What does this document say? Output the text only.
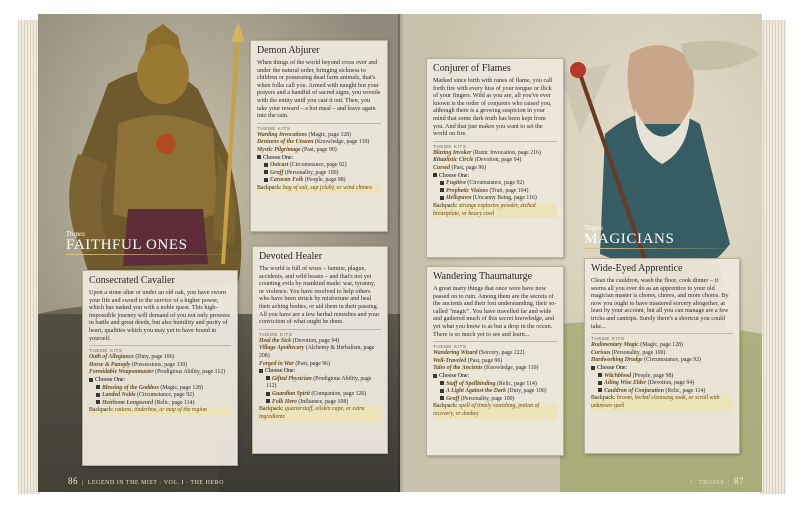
Demon Abjurer
When things of the world beyond cross over and under the natural order, bringing sickness to children or possessing dead farm animals, that's when folks call you. Armed with naught but your prayers and a handful of sacred signs, you wrestle with the entity until you cast it out. Then, you take your reward – a hot meal – and leave again into the rain.
THEME KITS
Warding Invocations (Magic, page 128)
Denizens of the Unseen (Knowledge, page 110)
Mystic Pilgrimage (Past, page 96)
Choose One:
Outcast (Circumstance, page 92)
Gruff (Personality, page 100)
Caravan Folk (People, page 98)
Backpack: bag of salt, sap (club), or wind chimes
Tropes
FAITHFUL ONES
Devoted Healer
The world is full of woes – famine, plague, accidents, and wild beasts – and that's not yet counting evils by mankind made: war, tyranny, or violence. You have resolved to help others who have been struck by misfortune and heal their aching bodies, or aid them in their passing. All you have are a few herbal remedies and your conviction of what ought be done.
THEME KITS
Heal the Sick (Devotion, page 94)
Village Apothecary (Alchemy & Herbalism, page 208)
Forged in War (Past, page 96)
Choose One:
Gifted Physician (Prodigious Ability, page 112)
Guardian Spirit (Companion, page 126)
Folk Hero (Influence, page 108)
Backpack: quarterstaff, oilskin cape, or extra ingredients
Consecrated Cavalier
Upon a stone altar or under an old oak, you have sworn your life and sword to the service of a higher power, which has tasked you with a noble quest. This high-impossible journey will demand of you not only prowess in battle and great deeds, but also humility and purity of heart, qualities which you may yet to have found in yourself.
THEME KITS
Oath of Allegiance (Duty, page 106)
Horse & Panoply (Possessions, page 130)
Formidable Weaponmaster (Prodigious Ability, page 112)
Choose One:
Blessing of the Goddess (Magic, page 128)
Landed Noble (Circumstance, page 92)
Heirloom Longsword (Relic, page 114)
Backpack: rations, tinderbox, or map of the region
86  |  LEGEND IN THE MIST · VOL. I · THE HERO
Conjurer of Flames
Marked since birth with runes of flame, you call forth fire with every hiss of your tongue or flick of your fingers. Wild as you are, all you've ever known is the order of conjurers who raised you, although there is a growing suspicion in your mind that some dark truth has been kept from you. And that just makes you want to set the world on fire.
THEME KITS
Blazing Invoker (Runic Invocation, page 216)
Ritualistic Circle (Devotion, page 94)
Cursed (Past, page 96)
Choose One:
Fugitive (Circumstance, page 92)
Prophetic Visions (Trait, page 104)
Hellspawn (Uncanny Being, page 116)
Backpack: strange explosive powder, etched breastplate, or heavy cowl
Tropes
MAGICIANS
Wandering Thaumaturge
A great many things that once were have now passed on to ruin. Among them are the secrets of the ancients and their lost understanding, their so-called "magic". You have travelled far and wide and gathered much of this secret knowledge, and yet what you know is as but a drop in the ocean. There is so much yet to see and learn...
THEME KITS
Wandering Wizard (Sorcery, page 222)
Well-Traveled (Past, page 96)
Tales of the Ancients (Knowledge, page 110)
Choose One:
Staff of Spellbinding (Relic, page 114)
A Light Against the Dark (Duty, page 106)
Gruff (Personality, page 100)
Backpack: spell of timely vanishing, potion of recovery, or donkey
Wide-Eyed Apprentice
Clean the cauldron, wash the floor, cook dinner – it seems all you ever do as an apprentice to your old magician master is chores, chores, and more chores. By now you ought to have mastered sorcery altogether, at least by your account, but all you can manage are a few tricks and cantrips. Surely there's a shortcut you could take...
THEME KITS
Rudimentary Magic (Magic, page 128)
Curious (Personality, page 100)
Hardworking Drudge (Circumstance, page 92)
Choose One:
Witchblood (People, page 98)
Ailing Wise Elder (Devotion, page 94)
Cauldron of Conjuration (Relic, page 114)
Backpack: broom, herbal cleansing soak, or scroll with unknown spell
I · TROPES  |  87
